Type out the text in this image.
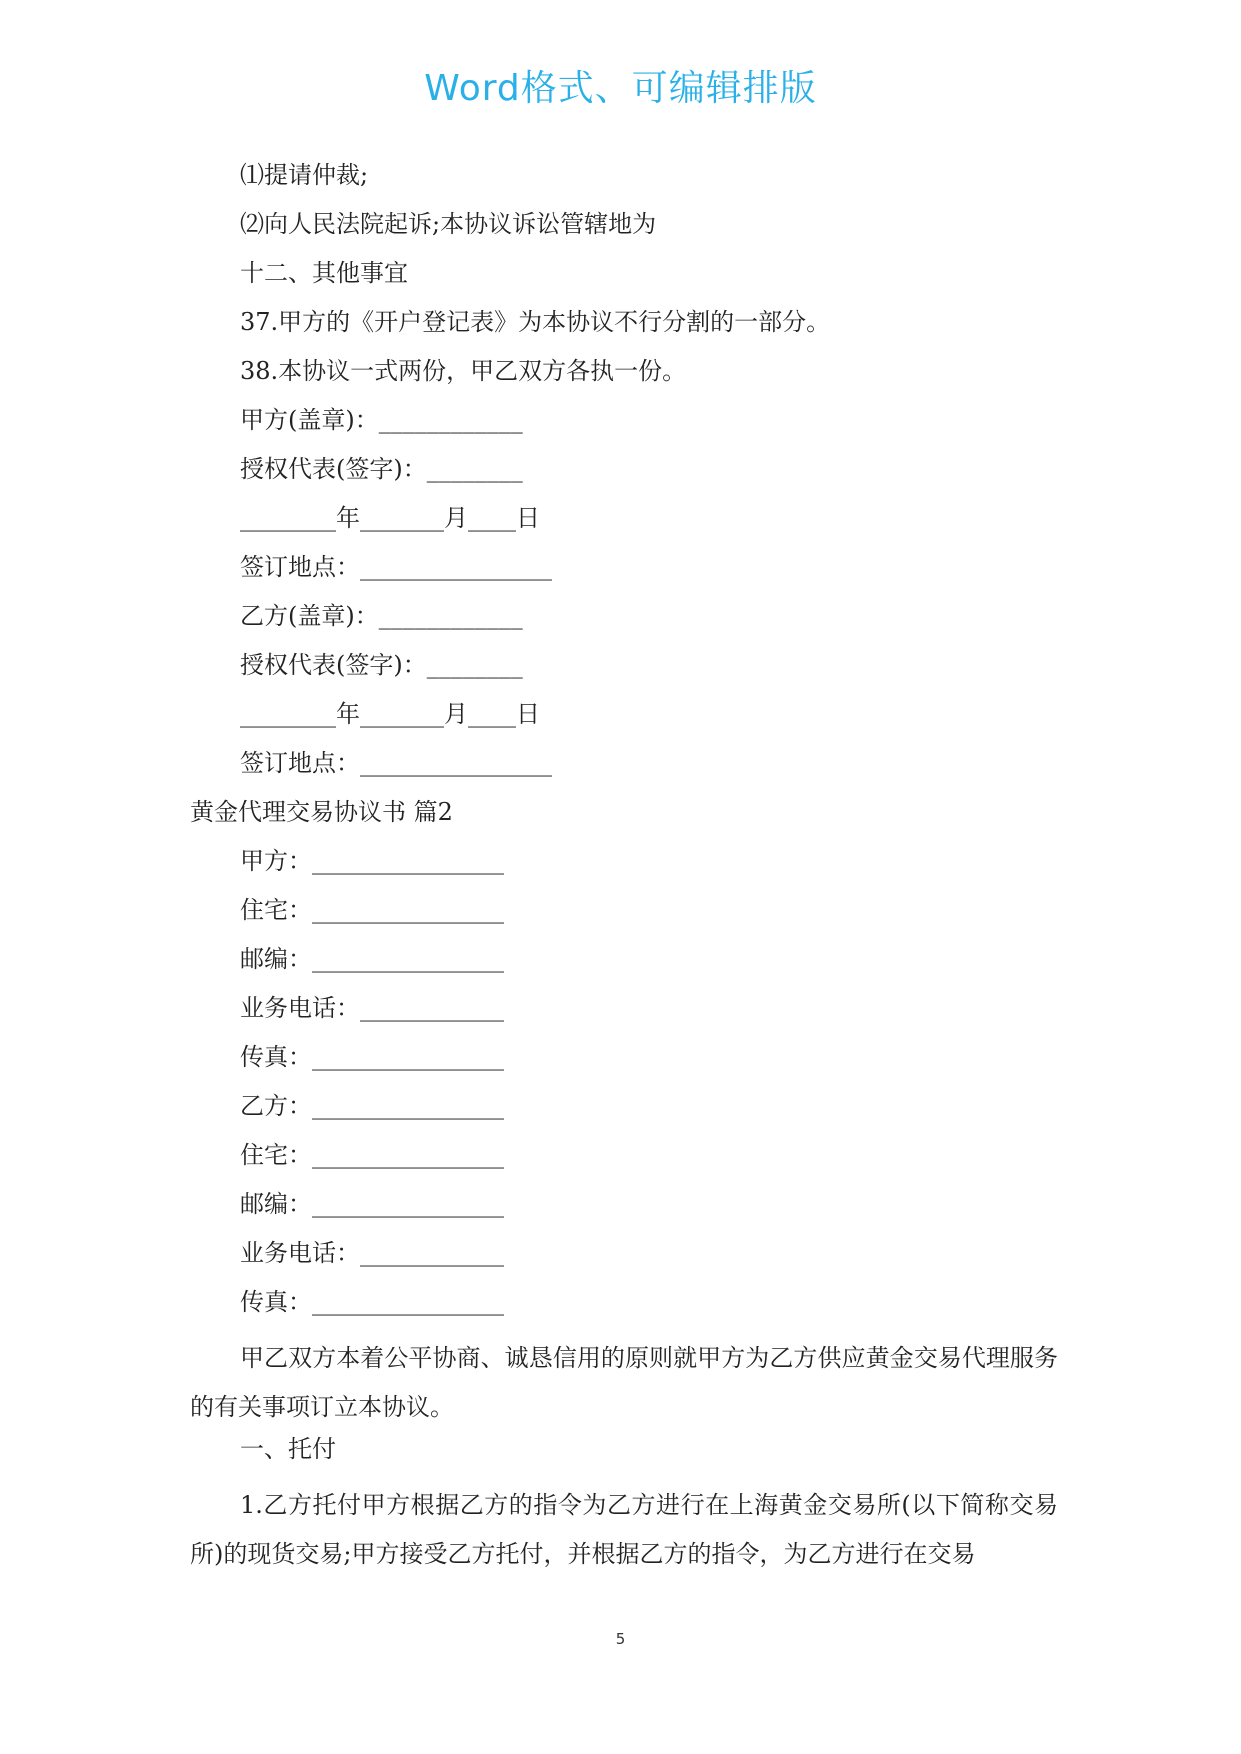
Word格式、可编辑排版
⑴提请仲裁;
⑵向人民法院起诉;本协议诉讼管辖地为
十二、其他事宜
37.甲方的《开户登记表》为本协议不行分割的一部分。
38.本协议一式两份，甲乙双方各执一份。
甲方(盖章)：____________
授权代表(签字)：________
________年_______月____日
签订地点：________________
乙方(盖章)：____________
授权代表(签字)：________
________年_______月____日
签订地点：________________
黄金代理交易协议书 篇2
甲方：________________
住宅：________________
邮编：________________
业务电话：____________
传真：________________
乙方：________________
住宅：________________
邮编：________________
业务电话：____________
传真：________________
甲乙双方本着公平协商、诚恳信用的原则就甲方为乙方供应黄金交易代理服务的有关事项订立本协议。
一、托付
1.乙方托付甲方根据乙方的指令为乙方进行在上海黄金交易所(以下简称交易所)的现货交易;甲方接受乙方托付，并根据乙方的指令，为乙方进行在交易
5
